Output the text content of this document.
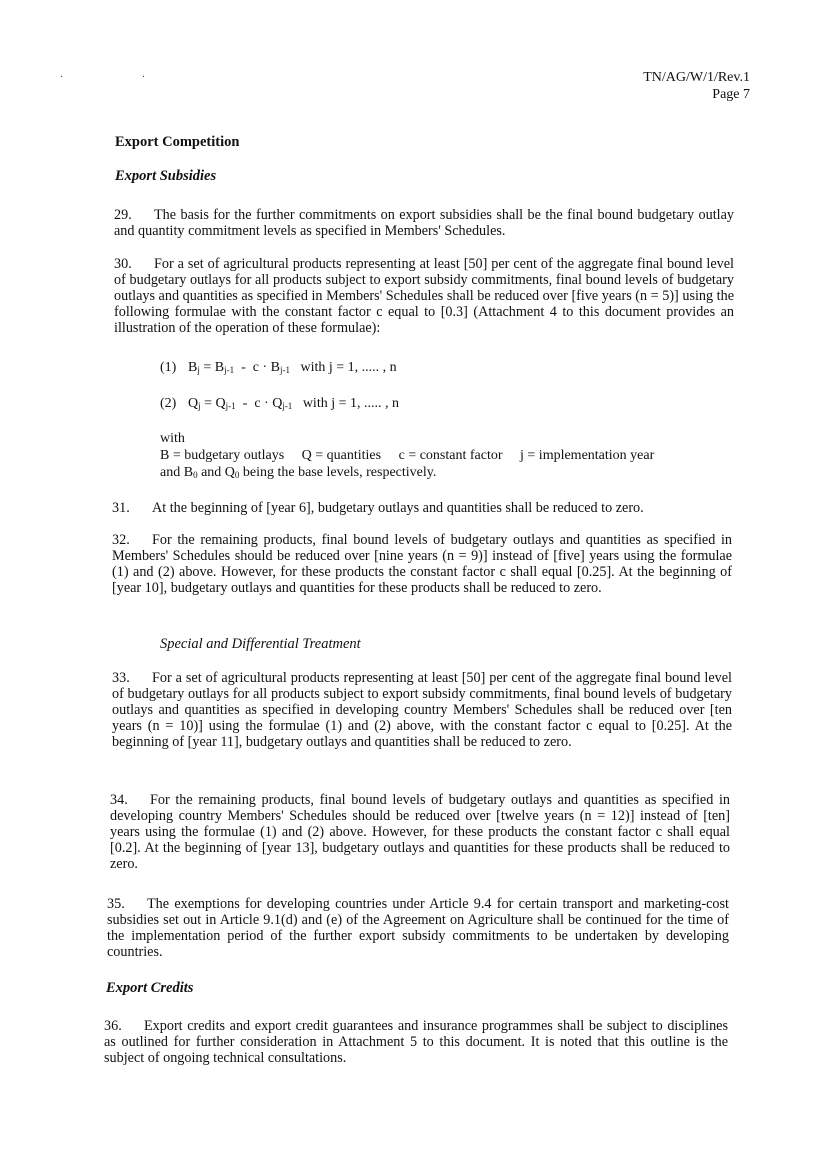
· ·	TN/AG/W/1/Rev.1
Page 7
Export Competition
Export Subsidies
29. The basis for the further commitments on export subsidies shall be the final bound budgetary outlay and quantity commitment levels as specified in Members' Schedules.
30. For a set of agricultural products representing at least [50] per cent of the aggregate final bound level of budgetary outlays for all products subject to export subsidy commitments, final bound levels of budgetary outlays and quantities as specified in Members' Schedules shall be reduced over [five years (n = 5)] using the following formulae with the constant factor c equal to [0.3] (Attachment 4 to this document provides an illustration of the operation of these formulae):
(1) $B_j = B_{j-1} - c \cdot B_{j-1}$ with j = 1, ..... , n
(2) $Q_j = Q_{j-1} - c \cdot Q_{j-1}$ with j = 1, ..... , n
with
B = budgetary outlays Q = quantities c = constant factor j = implementation year
and $B_0$ and $Q_0$ being the base levels, respectively.
31. At the beginning of [year 6], budgetary outlays and quantities shall be reduced to zero.
32. For the remaining products, final bound levels of budgetary outlays and quantities as specified in Members' Schedules should be reduced over [nine years (n = 9)] instead of [five] years using the formulae (1) and (2) above. However, for these products the constant factor c shall equal [0.25]. At the beginning of [year 10], budgetary outlays and quantities for these products shall be reduced to zero.
Special and Differential Treatment
33. For a set of agricultural products representing at least [50] per cent of the aggregate final bound level of budgetary outlays for all products subject to export subsidy commitments, final bound levels of budgetary outlays and quantities as specified in developing country Members' Schedules shall be reduced over [ten years (n = 10)] using the formulae (1) and (2) above, with the constant factor c equal to [0.25]. At the beginning of [year 11], budgetary outlays and quantities shall be reduced to zero.
34. For the remaining products, final bound levels of budgetary outlays and quantities as specified in developing country Members' Schedules should be reduced over [twelve years (n = 12)] instead of [ten] years using the formulae (1) and (2) above. However, for these products the constant factor c shall equal [0.2]. At the beginning of [year 13], budgetary outlays and quantities for these products shall be reduced to zero.
35. The exemptions for developing countries under Article 9.4 for certain transport and marketing-cost subsidies set out in Article 9.1(d) and (e) of the Agreement on Agriculture shall be continued for the time of the implementation period of the further export subsidy commitments to be undertaken by developing countries.
Export Credits
36. Export credits and export credit guarantees and insurance programmes shall be subject to disciplines as outlined for further consideration in Attachment 5 to this document. It is noted that this outline is the subject of ongoing technical consultations.
